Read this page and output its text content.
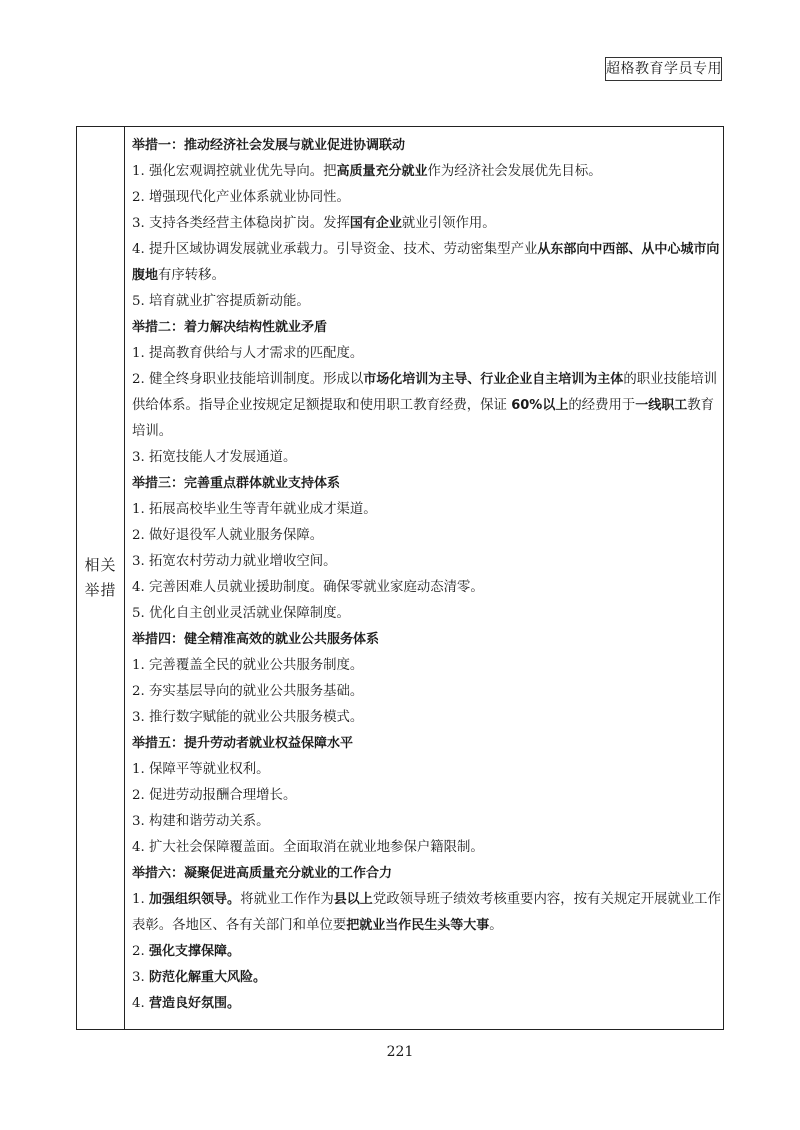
超格教育学员专用
相关
举措
举措一：推动经济社会发展与就业促进协调联动
1. 强化宏观调控就业优先导向。把高质量充分就业作为经济社会发展优先目标。
2. 增强现代化产业体系就业协同性。
3. 支持各类经营主体稳岗扩岗。发挥国有企业就业引领作用。
4. 提升区域协调发展就业承载力。引导资金、技术、劳动密集型产业从东部向中西部、从中心城市向
腹地有序转移。
5. 培育就业扩容提质新动能。
举措二：着力解决结构性就业矛盾
1. 提高教育供给与人才需求的匹配度。
2. 健全终身职业技能培训制度。形成以市场化培训为主导、行业企业自主培训为主体的职业技能培训
供给体系。指导企业按规定足额提取和使用职工教育经费，保证 60%以上的经费用于一线职工教育
培训。
3. 拓宽技能人才发展通道。
举措三：完善重点群体就业支持体系
1. 拓展高校毕业生等青年就业成才渠道。
2. 做好退役军人就业服务保障。
3. 拓宽农村劳动力就业增收空间。
4. 完善困难人员就业援助制度。确保零就业家庭动态清零。
5. 优化自主创业灵活就业保障制度。
举措四：健全精准高效的就业公共服务体系
1. 完善覆盖全民的就业公共服务制度。
2. 夯实基层导向的就业公共服务基础。
3. 推行数字赋能的就业公共服务模式。
举措五：提升劳动者就业权益保障水平
1. 保障平等就业权利。
2. 促进劳动报酬合理增长。
3. 构建和谐劳动关系。
4. 扩大社会保障覆盖面。全面取消在就业地参保户籍限制。
举措六：凝聚促进高质量充分就业的工作合力
1. 加强组织领导。将就业工作作为县以上党政领导班子绩效考核重要内容，按有关规定开展就业工作
表彰。各地区、各有关部门和单位要把就业当作民生头等大事。
2. 强化支撑保障。
3. 防范化解重大风险。
4. 营造良好氛围。
221
